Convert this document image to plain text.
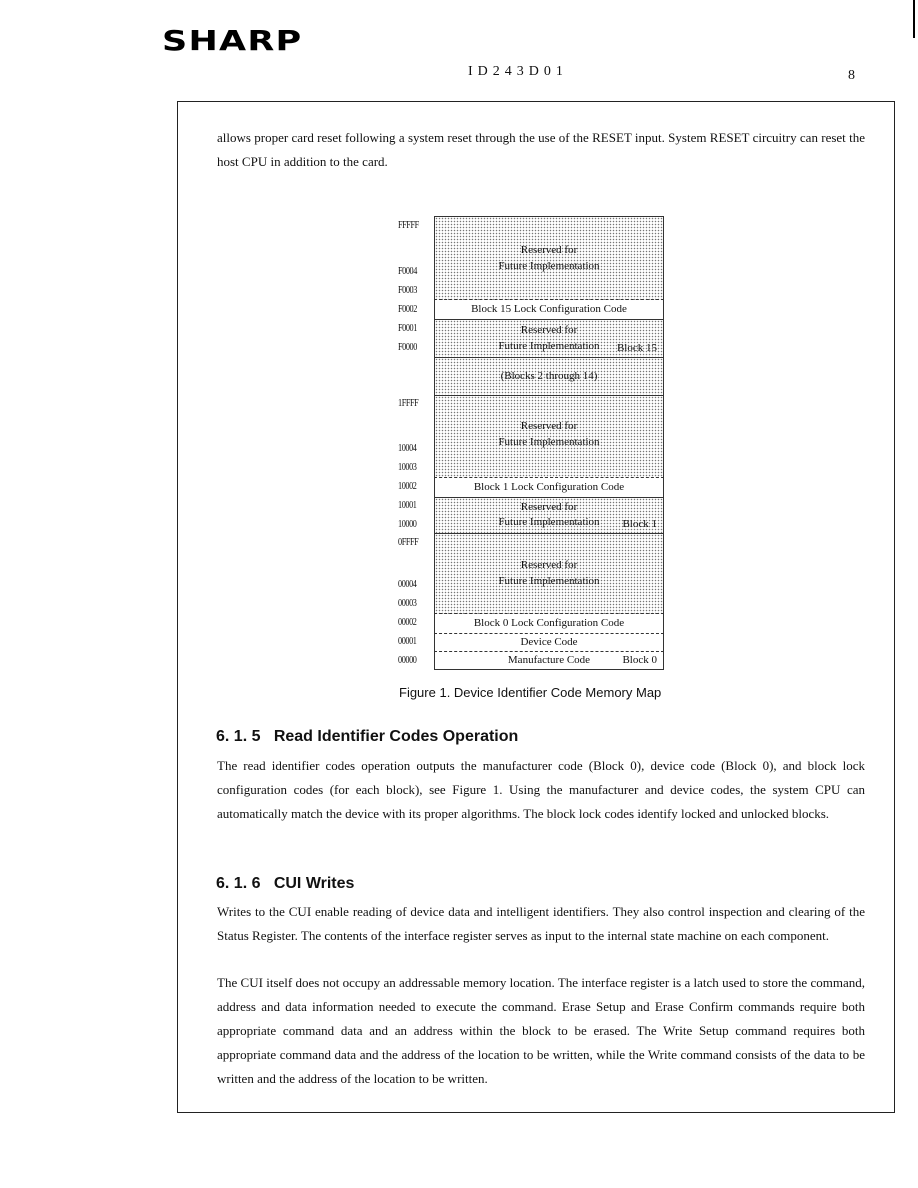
SHARP
ID243D01	8
allows proper card reset following a system reset through the use of the RESET input. System RESET circuitry can reset the host CPU in addition to the card.
FFFFF
F0004
F0003
F0002
F0001
F0000
1FFFF
10004
10003
10002
10001
10000
0FFFF
00004
00003
00002
00001
00000
Reserved for
Future Implementation
Block 15 Lock Configuration Code
Reserved for
Future Implementation	Block 15
(Blocks 2 through 14)
Reserved for
Future Implementation
Block 1 Lock Configuration Code
Reserved for
Future Implementation	Block 1
Reserved for
Future Implementation
Block 0 Lock Configuration Code
Device Code
Manufacture Code	Block 0
Figure 1. Device Identifier Code Memory Map
6. 1. 5   Read Identifier Codes Operation
The read identifier codes operation outputs the manufacturer code (Block 0), device code (Block 0), and block lock configuration codes (for each block), see Figure 1. Using the manufacturer and device codes, the system CPU can automatically match the device with its proper algorithms. The block lock codes identify locked and unlocked blocks.
6. 1. 6   CUI Writes
Writes to the CUI enable reading of device data and intelligent identifiers. They also control inspection and clearing of the Status Register. The contents of the interface register serves as input to the internal state machine on each component.
The CUI itself does not occupy an addressable memory location. The interface register is a latch used to store the command, address and data information needed to execute the command. Erase Setup and Erase Confirm commands require both appropriate command data and an address within the block to be erased. The Write Setup command requires both appropriate command data and the address of the location to be written, while the Write command consists of the data to be written and the address of the location to be written.
